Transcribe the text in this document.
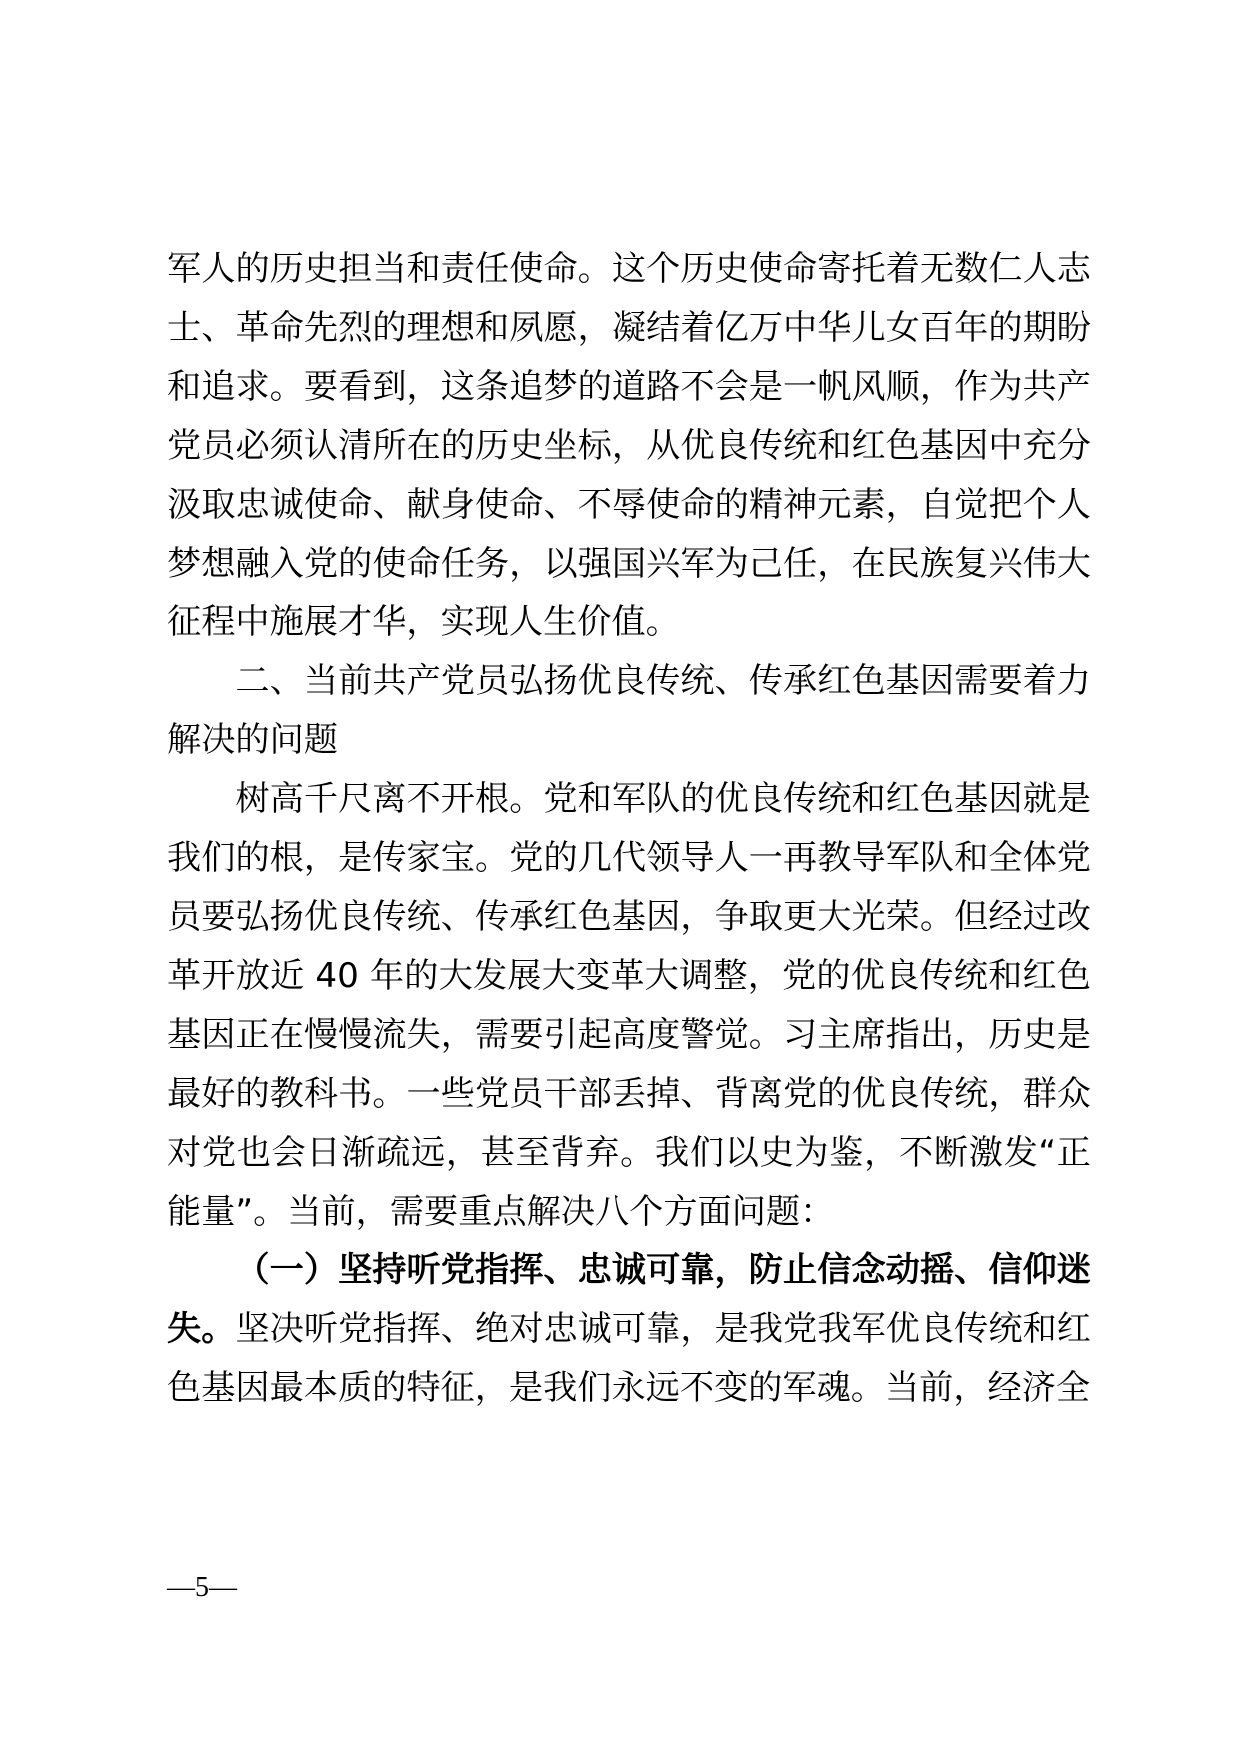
军人的历史担当和责任使命。这个历史使命寄托着无数仁人志士、革命先烈的理想和夙愿，凝结着亿万中华儿女百年的期盼和追求。要看到，这条追梦的道路不会是一帆风顺，作为共产党员必须认清所在的历史坐标，从优良传统和红色基因中充分汲取忠诚使命、献身使命、不辱使命的精神元素，自觉把个人梦想融入党的使命任务，以强国兴军为己任，在民族复兴伟大征程中施展才华，实现人生价值。

二、当前共产党员弘扬优良传统、传承红色基因需要着力解决的问题

树高千尺离不开根。党和军队的优良传统和红色基因就是我们的根，是传家宝。党的几代领导人一再教导军队和全体党员要弘扬优良传统、传承红色基因，争取更大光荣。但经过改革开放近 40 年的大发展大变革大调整，党的优良传统和红色基因正在慢慢流失，需要引起高度警觉。习主席指出，历史是最好的教科书。一些党员干部丢掉、背离党的优良传统，群众对党也会日渐疏远，甚至背弃。我们以史为鉴，不断激发“正能量”。当前，需要重点解决八个方面问题：

（一）坚持听党指挥、忠诚可靠，防止信念动摇、信仰迷失。坚决听党指挥、绝对忠诚可靠，是我党我军优良传统和红色基因最本质的特征，是我们永远不变的军魂。当前，经济全

—5—
